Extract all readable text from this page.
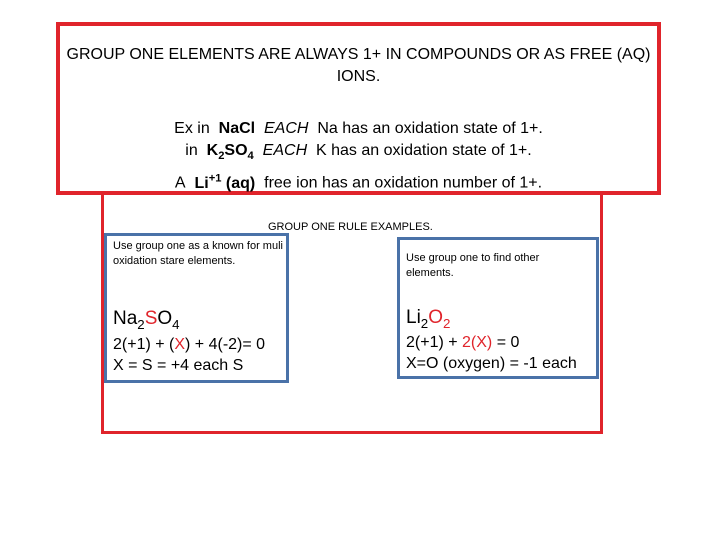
GROUP ONE ELEMENTS ARE ALWAYS 1+ IN COMPOUNDS OR AS FREE (AQ) IONS.
Ex in NaCl EACH Na has an oxidation state of 1+.
in $K_2SO_4$ EACH K has an oxidation state of 1+.
A $Li^{+1}$ (aq) free ion has an oxidation number of 1+.
GROUP ONE RULE EXAMPLES.
Use group one as a known for muli oxidation stare elements.
$Na_2SO_4$
2(+1) + (X) + 4(-2)= 0
X = S = +4 each S
Use group one to find other elements.
$Li_2O_2$
2(+1) + 2(X) = 0
X=O (oxygen) = -1 each
